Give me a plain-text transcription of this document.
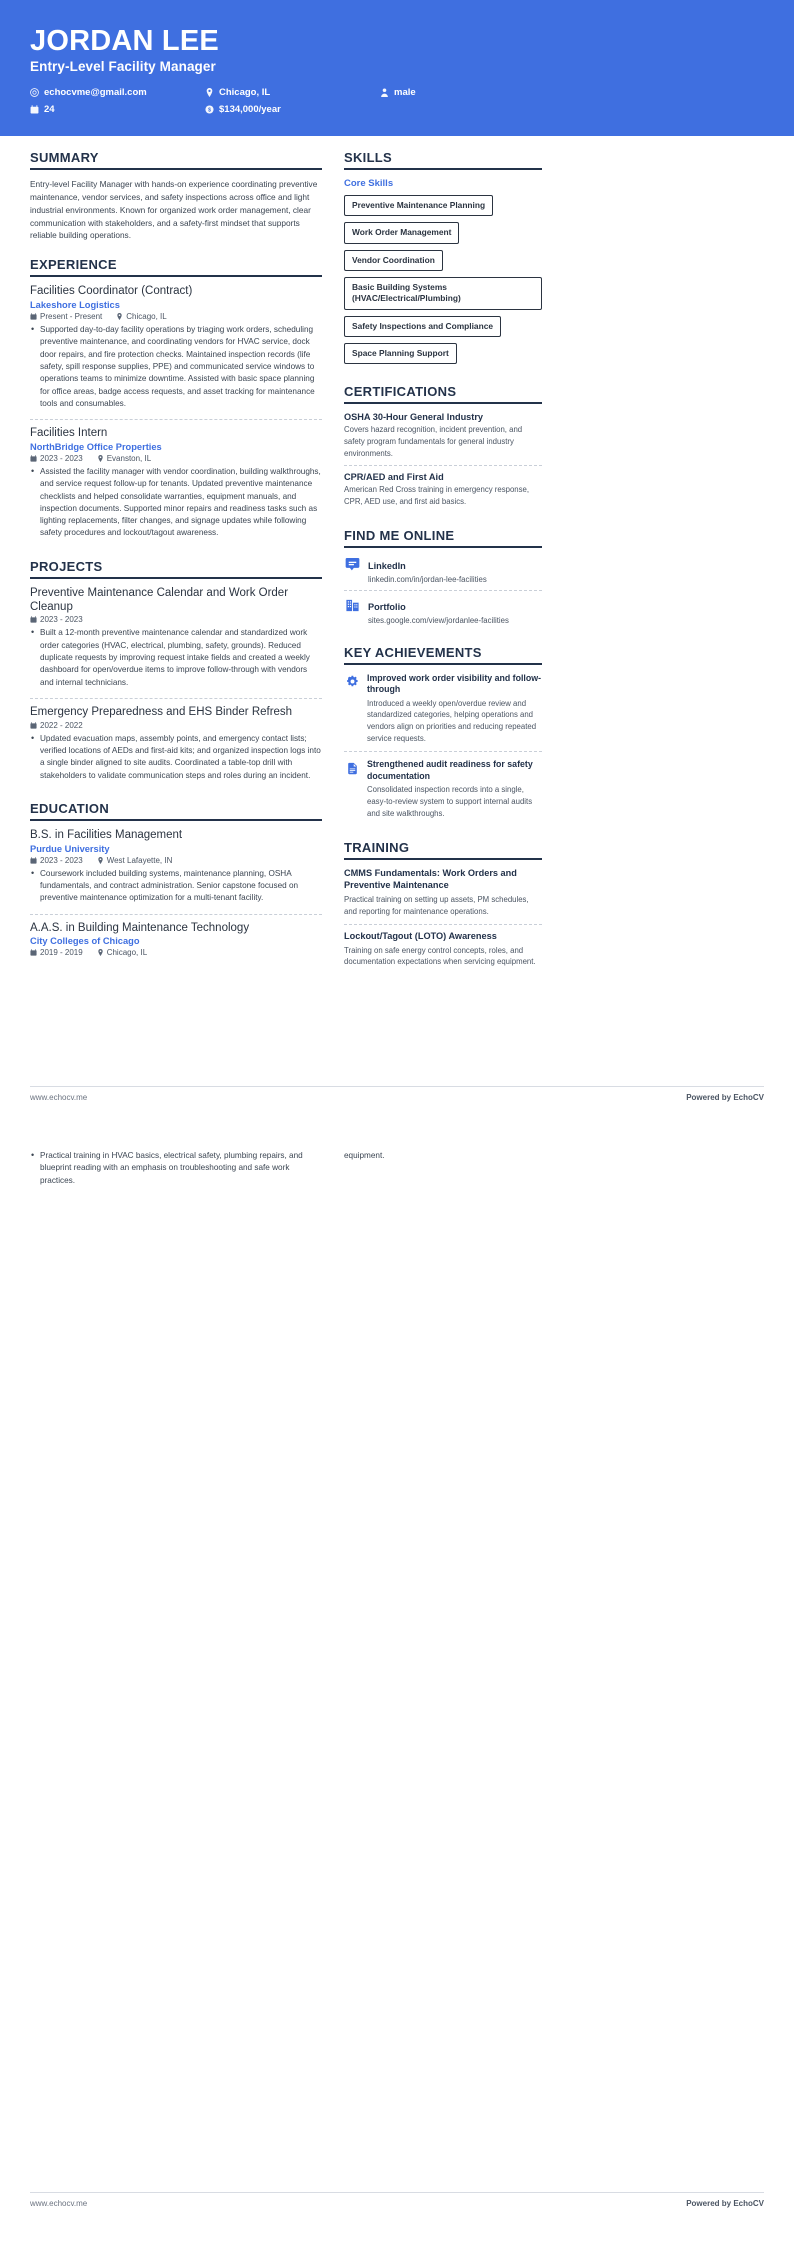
JORDAN LEE
Entry-Level Facility Manager
echocvme@gmail.com	Chicago, IL	male
24	$ $134,000/year
SUMMARY
Entry-level Facility Manager with hands-on experience coordinating preventive maintenance, vendor services, and safety inspections across office and light industrial environments. Known for organized work order management, clear communication with stakeholders, and a safety-first mindset that supports reliable building operations.
EXPERIENCE
Facilities Coordinator (Contract)
Lakeshore Logistics
Present - Present	Chicago, IL
• Supported day-to-day facility operations by triaging work orders, scheduling preventive maintenance, and coordinating vendors for HVAC service, dock door repairs, and fire protection checks. Maintained inspection records (life safety, spill response supplies, PPE) and communicated service windows to operations teams to minimize downtime. Assisted with basic space planning for office areas, badge access requests, and asset tracking for maintenance tools and consumables.
Facilities Intern
NorthBridge Office Properties
2023 - 2023	Evanston, IL
• Assisted the facility manager with vendor coordination, building walkthroughs, and service request follow-up for tenants. Updated preventive maintenance checklists and helped consolidate warranties, equipment manuals, and inspection documents. Supported minor repairs and readiness tasks such as lighting replacements, filter changes, and signage updates while following safety procedures and lockout/tagout awareness.
PROJECTS
Preventive Maintenance Calendar and Work Order Cleanup
2023 - 2023
• Built a 12-month preventive maintenance calendar and standardized work order categories (HVAC, electrical, plumbing, safety, grounds). Reduced duplicate requests by improving request intake fields and created a weekly dashboard for open/overdue items to improve follow-through with vendors and internal technicians.
Emergency Preparedness and EHS Binder Refresh
2022 - 2022
• Updated evacuation maps, assembly points, and emergency contact lists; verified locations of AEDs and first-aid kits; and organized inspection logs into a single binder aligned to site audits. Coordinated a table-top drill with stakeholders to validate communication steps and roles during an incident.
EDUCATION
B.S. in Facilities Management
Purdue University
2023 - 2023	West Lafayette, IN
• Coursework included building systems, maintenance planning, OSHA fundamentals, and contract administration. Senior capstone focused on preventive maintenance optimization for a multi-tenant facility.
A.A.S. in Building Maintenance Technology
City Colleges of Chicago
2019 - 2019	Chicago, IL
SKILLS
Core Skills
Preventive Maintenance Planning Work Order Management Vendor Coordination
Basic Building Systems (HVAC/Electrical/Plumbing)
Safety Inspections and Compliance Space Planning Support
CERTIFICATIONS
OSHA 30-Hour General Industry
Covers hazard recognition, incident prevention, and safety program fundamentals for general industry environments.
CPR/AED and First Aid
American Red Cross training in emergency response, CPR, AED use, and first aid basics.
FIND ME ONLINE
LinkedIn
linkedin.com/in/jordan-lee-facilities
Portfolio
sites.google.com/view/jordanlee-facilities
KEY ACHIEVEMENTS
Improved work order visibility and follow-through
Introduced a weekly open/overdue review and standardized categories, helping operations and vendors align on priorities and reducing repeated service requests.
Strengthened audit readiness for safety documentation
Consolidated inspection records into a single, easy-to-review system to support internal audits and site walkthroughs.
TRAINING
CMMS Fundamentals: Work Orders and Preventive Maintenance
Practical training on setting up assets, PM schedules, and reporting for maintenance operations.
Lockout/Tagout (LOTO) Awareness
Training on safe energy control concepts, roles, and documentation expectations when servicing equipment.
www.echocv.me	Powered by EchoCV
• Practical training in HVAC basics, electrical safety, plumbing repairs, and blueprint reading with an emphasis on troubleshooting and safe work practices.
equipment.
www.echocv.me	Powered by EchoCV
